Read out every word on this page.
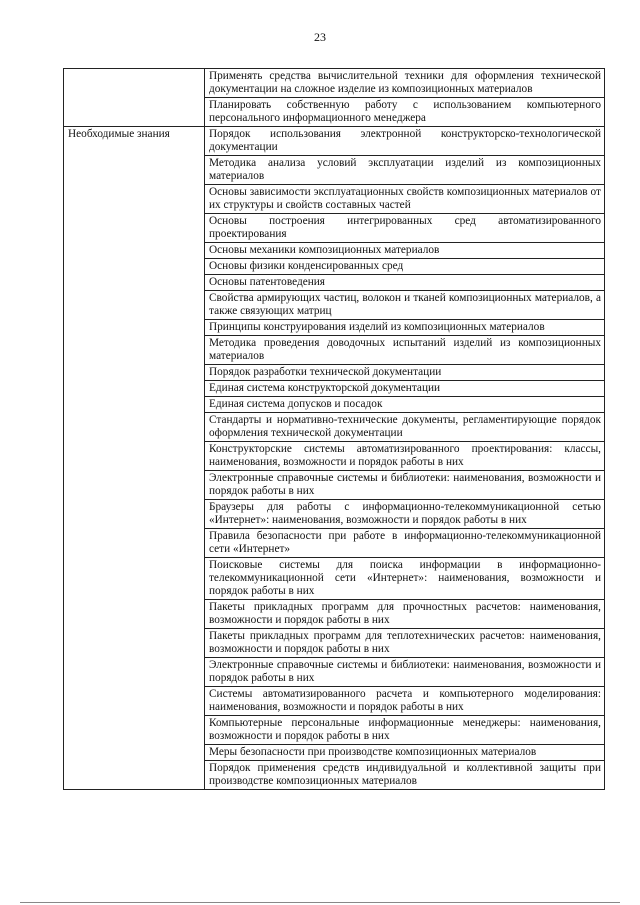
23
	Применять средства вычислительной техники для оформления технической документации на сложное изделие из композиционных материалов
	Планировать собственную работу с использованием компьютерного персонального информационного менеджера
Необходимые знания	Порядок использования электронной конструкторско-технологической документации
	Методика анализа условий эксплуатации изделий из композиционных материалов
	Основы зависимости эксплуатационных свойств композиционных материалов от их структуры и свойств составных частей
	Основы построения интегрированных сред автоматизированного проектирования
	Основы механики композиционных материалов
	Основы физики конденсированных сред
	Основы патентоведения
	Свойства армирующих частиц, волокон и тканей композиционных материалов, а также связующих матриц
	Принципы конструирования изделий из композиционных материалов
	Методика проведения доводочных испытаний изделий из композиционных материалов
	Порядок разработки технической документации
	Единая система конструкторской документации
	Единая система допусков и посадок
	Стандарты и нормативно-технические документы, регламентирующие порядок оформления технической документации
	Конструкторские системы автоматизированного проектирования: классы, наименования, возможности и порядок работы в них
	Электронные справочные системы и библиотеки: наименования, возможности и порядок работы в них
	Браузеры для работы с информационно-телекоммуникационной сетью «Интернет»: наименования, возможности и порядок работы в них
	Правила безопасности при работе в информационно-телекоммуникационной сети «Интернет»
	Поисковые системы для поиска информации в информационно-телекоммуникационной сети «Интернет»: наименования, возможности и порядок работы в них
	Пакеты прикладных программ для прочностных расчетов: наименования, возможности и порядок работы в них
	Пакеты прикладных программ для теплотехнических расчетов: наименования, возможности и порядок работы в них
	Электронные справочные системы и библиотеки: наименования, возможности и порядок работы в них
	Системы автоматизированного расчета и компьютерного моделирования: наименования, возможности и порядок работы в них
	Компьютерные персональные информационные менеджеры: наименования, возможности и порядок работы в них
	Меры безопасности при производстве композиционных материалов
	Порядок применения средств индивидуальной и коллективной защиты при производстве композиционных материалов
